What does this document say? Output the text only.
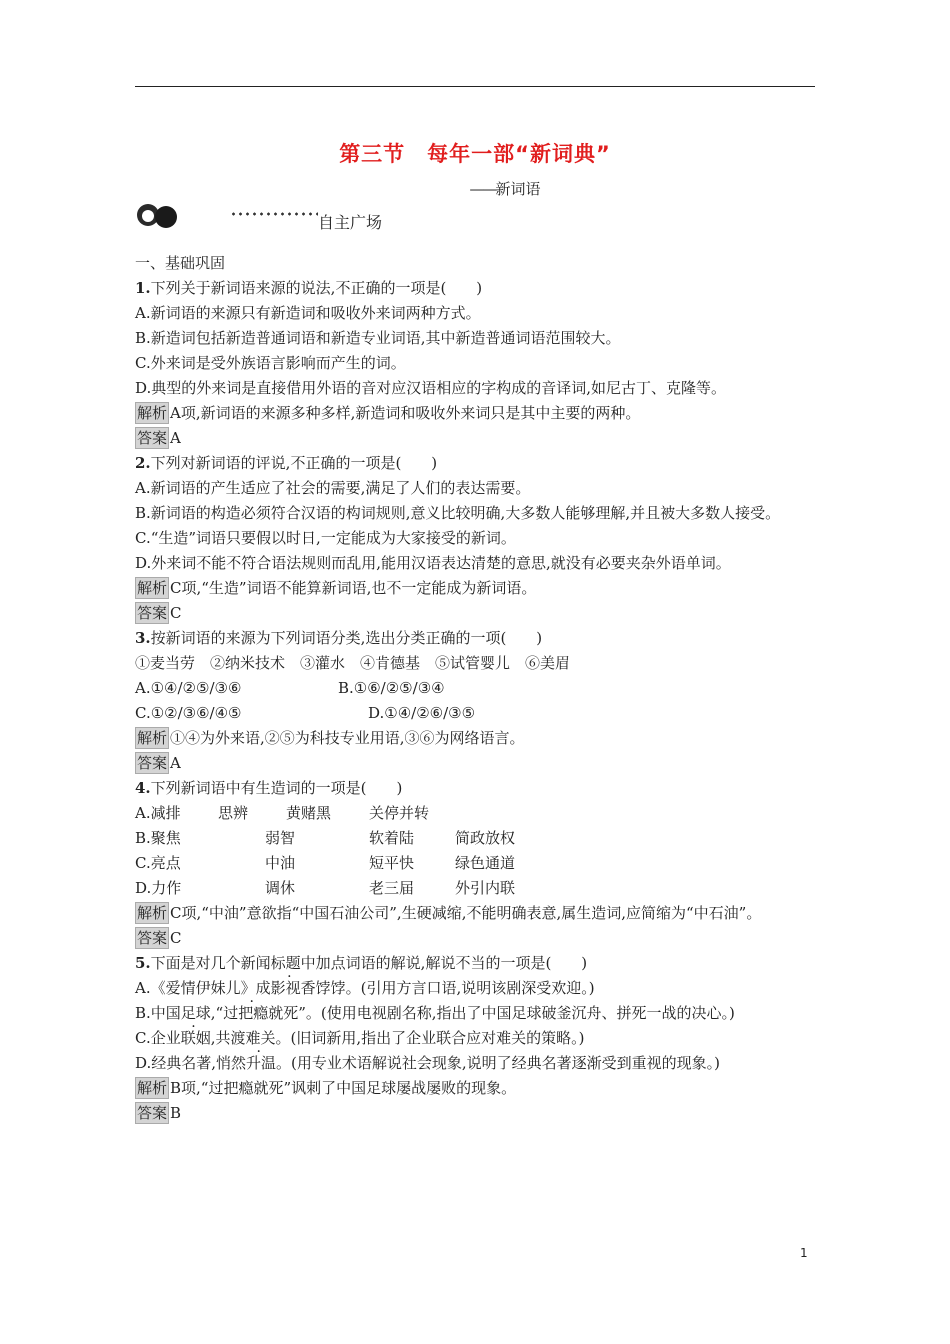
第三节　每年一部“新词典”
——新词语
自主广场
一、基础巩固
1.下列关于新词语来源的说法,不正确的一项是(　　)
A.新词语的来源只有新造词和吸收外来词两种方式。
B.新造词包括新造普通词语和新造专业词语,其中新造普通词语范围较大。
C.外来词是受外族语言影响而产生的词。
D.典型的外来词是直接借用外语的音对应汉语相应的字构成的音译词,如尼古丁、克隆等。
解析 A项,新词语的来源多种多样,新造词和吸收外来词只是其中主要的两种。
答案 A
2.下列对新词语的评说,不正确的一项是(　　)
A.新词语的产生适应了社会的需要,满足了人们的表达需要。
B.新词语的构造必须符合汉语的构词规则,意义比较明确,大多数人能够理解,并且被大多数人接受。
C.“生造”词语只要假以时日,一定能成为大家接受的新词。
D.外来词不能不符合语法规则而乱用,能用汉语表达清楚的意思,就没有必要夹杂外语单词。
解析 C项,“生造”词语不能算新词语,也不一定能成为新词语。
答案 C
3.按新词语的来源为下列词语分类,选出分类正确的一项(　　)
①麦当劳　②纳米技术　③灌水　④肯德基　⑤试管婴儿　⑥美眉
A.①④/②⑤/③⑥	B.①⑥/②⑤/③④
C.①②/③⑥/④⑤	D.①④/②⑥/③⑤
解析 ①④为外来语,②⑤为科技专业用语,③⑥为网络语言。
答案 A
4.下列新词语中有生造词的一项是(　　)
A.减排	思辨	黄赌黑	关停并转
B.聚焦	弱智	软着陆	简政放权
C.亮点	中油	短平快	绿色通道
D.力作	调休	老三届	外引内联
解析 C项,“中油”意欲指“中国石油公司”,生硬减缩,不能明确表意,属生造词,应简缩为“中石油”。
答案 C
5.下面是对几个新闻标题中加点词语的解说,解说不当的一项是(　　)
A.《爱情伊妹儿》成影视香饽饽 ·。(引用方言口语,说明该剧深受欢迎。)
B.中国足球,“过把瘾就死 ·”。(使用电视剧名称,指出了中国足球破釜沉舟、拼死一战的决心。)
C.企业联姻,共渡难关。(旧词新用,指出了企业联合应对难关的策略。)
D.经典名著,悄然升温。(用专业术语解说社会现象,说明了经典名著逐渐受到重视的现象。)
解析 B项,“过把瘾就死”讽刺了中国足球屡战屡败的现象。
答案 B
1
